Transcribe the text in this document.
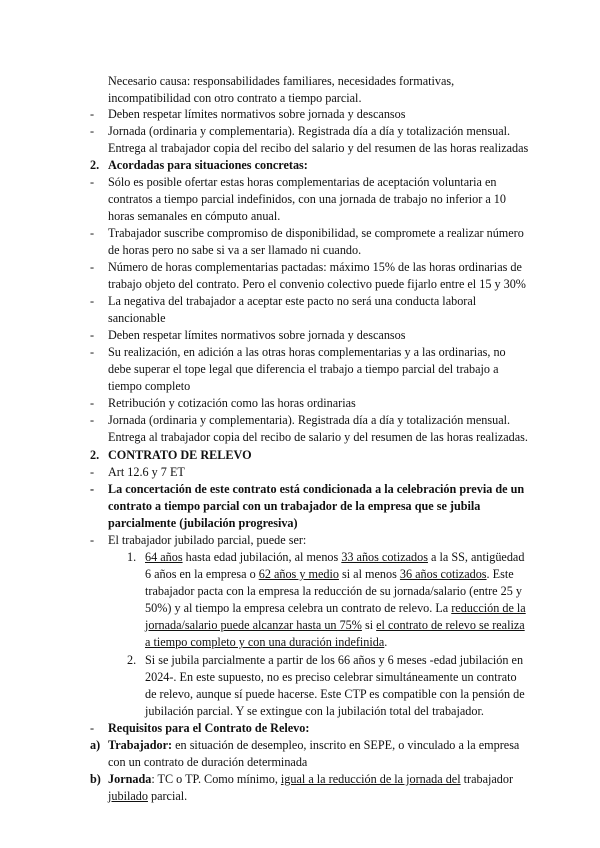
Necesario causa: responsabilidades familiares, necesidades formativas,
incompatibilidad con otro contrato a tiempo parcial.
- Deben respetar límites normativos sobre jornada y descansos
- Jornada (ordinaria y complementaria). Registrada día a día y totalización mensual.
Entrega al trabajador copia del recibo del salario y del resumen de las horas realizadas
2. Acordadas para situaciones concretas:
- Sólo es posible ofertar estas horas complementarias de aceptación voluntaria en
contratos a tiempo parcial indefinidos, con una jornada de trabajo no inferior a 10
horas semanales en cómputo anual.
- Trabajador suscribe compromiso de disponibilidad, se compromete a realizar número
de horas pero no sabe si va a ser llamado ni cuando.
- Número de horas complementarias pactadas: máximo 15% de las horas ordinarias de
trabajo objeto del contrato. Pero el convenio colectivo puede fijarlo entre el 15 y 30%
- La negativa del trabajador a aceptar este pacto no será una conducta laboral
sancionable
- Deben respetar límites normativos sobre jornada y descansos
- Su realización, en adición a las otras horas complementarias y a las ordinarias, no
debe superar el tope legal que diferencia el trabajo a tiempo parcial del trabajo a
tiempo completo
- Retribución y cotización como las horas ordinarias
- Jornada (ordinaria y complementaria). Registrada día a día y totalización mensual.
Entrega al trabajador copia del recibo de salario y del resumen de las horas realizadas.
2. CONTRATO DE RELEVO
- Art 12.6 y 7 ET
- La concertación de este contrato está condicionada a la celebración previa de un
contrato a tiempo parcial con un trabajador de la empresa que se jubila
parcialmente (jubilación progresiva)
- El trabajador jubilado parcial, puede ser:
1. 64 años hasta edad jubilación, al menos 33 años cotizados a la SS, antigüedad
6 años en la empresa o 62 años y medio si al menos 36 años cotizados. Este
trabajador pacta con la empresa la reducción de su jornada/salario (entre 25 y
50%) y al tiempo la empresa celebra un contrato de relevo. La reducción de la
jornada/salario puede alcanzar hasta un 75% si el contrato de relevo se realiza
a tiempo completo y con una duración indefinida.
2. Si se jubila parcialmente a partir de los 66 años y 6 meses -edad jubilación en
2024-. En este supuesto, no es preciso celebrar simultáneamente un contrato
de relevo, aunque sí puede hacerse. Este CTP es compatible con la pensión de
jubilación parcial. Y se extingue con la jubilación total del trabajador.
- Requisitos para el Contrato de Relevo:
a) Trabajador: en situación de desempleo, inscrito en SEPE, o vinculado a la empresa
con un contrato de duración determinada
b) Jornada: TC o TP. Como mínimo, igual a la reducción de la jornada del trabajador
jubilado parcial.
